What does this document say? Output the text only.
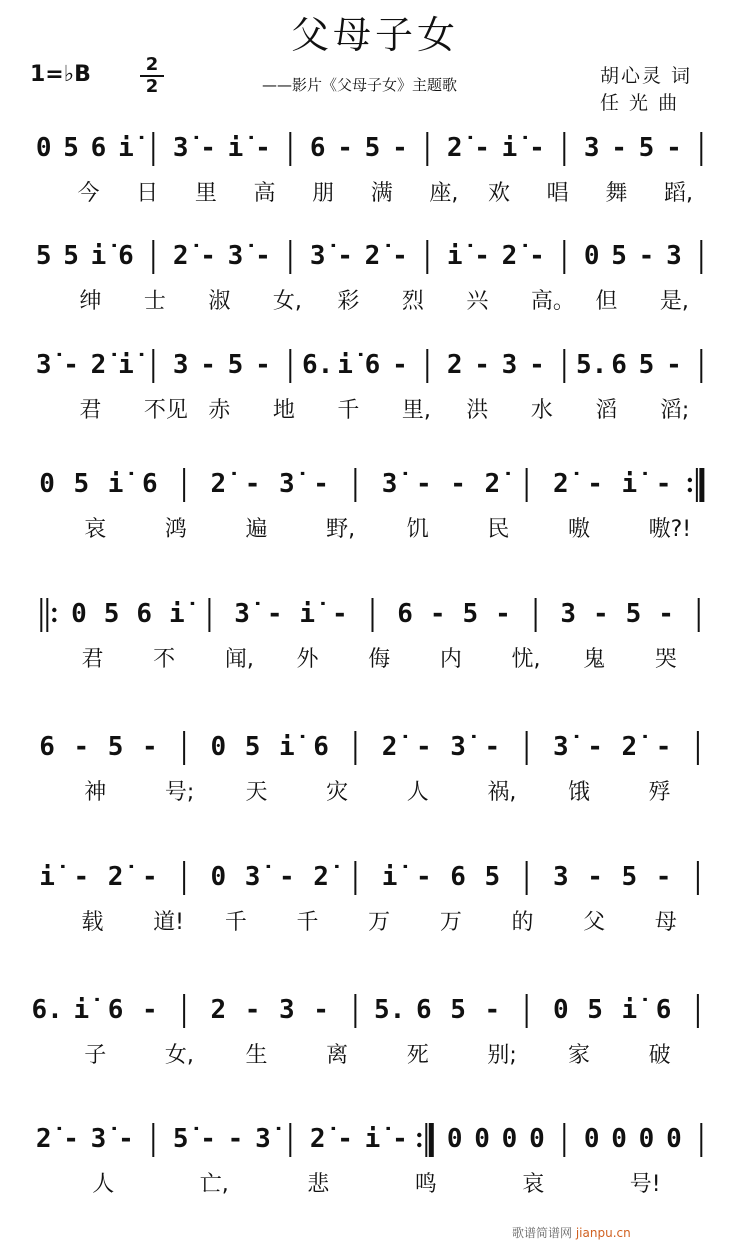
父母子女
1=♭B	2
2	——影片《父母子女》主题歌	胡心灵 词
任 光 曲
0 5 6 i̇	3̇ - i̇ - 6 - 5 - 2̇ - i̇ - 3 - 5 -
今 日 里 高 朋 满 座, 欢 唱 舞 蹈,
5 5 i̇ 6 2̇ - 3̇ - 3̇ - 2̇ - i̇ - 2̇ - 0 5 - 3
绅 士 淑 女, 彩 烈 兴 高。 但 是,
3̇ - 2̇ i̇	3 - 5 - 6. i̇ 6 - 2 - 3 - 5. 6 5 -
君 不见 赤 地 千 里, 洪 水 滔 滔;
0 5 i̇ 6 2̇ - 3̇ - 3̇ - - 2̇	2̇ - i̇ -
哀	鸿	遍	野, 饥	民	嗷	嗷?!
0 5 6 i̇	3̇ - i̇ - 6 - 5 - 3 - 5 -
君 不 闻, 外 侮 内 忧, 鬼 哭
6 - 5 - 0 5 i̇ 6 2̇ - 3̇ - 3̇ - 2̇ -
神	号; 天	灾	人	祸, 饿	殍
i̇ - 2̇ - 0 3̇ - 2̇	i̇ - 6 5 3 - 5 -
载 道! 千 千 万 万 的 父 母
6. i̇ 6 - 2 - 3 - 5. 6 5 - 0 5 i̇ 6
子	女, 生	离	死	别; 家	破
2̇ - 3̇ - 5̇ - - 3̇	2̇ - i̇ - 0 0 0 0 0 0 0 0
人	亡,	悲	鸣	哀	号!
歌谱简谱网 jianpu.cn
